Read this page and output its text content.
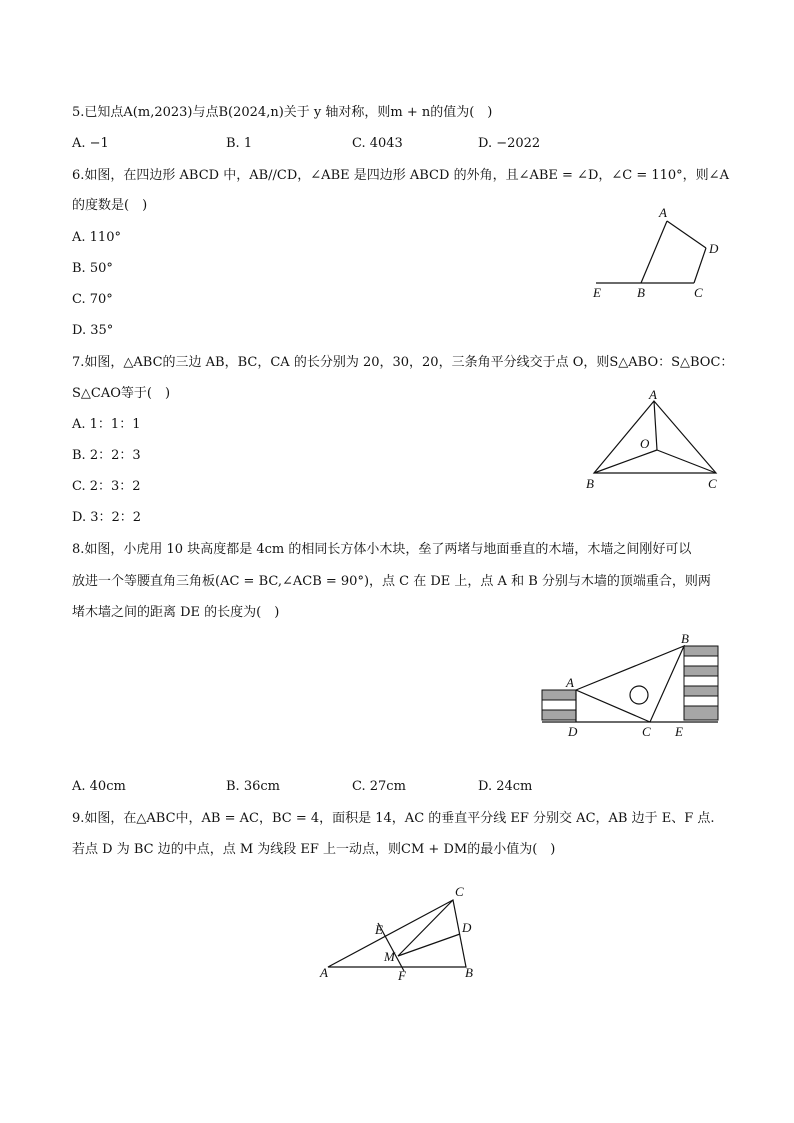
5.已知点A(m,2023)与点B(2024,n)关于 y 轴对称，则m + n的值为(　)
A. −1	B. 1	C. 4043	D. −2022
6.如图，在四边形 ABCD 中，AB//CD，∠ABE 是四边形 ABCD 的外角，且∠ABE = ∠D，∠C = 110°，则∠A
的度数是(　)
A. 110°
B. 50°
C. 70°
D. 35°
A
D
E	B	C
7.如图，△ABC的三边 AB，BC，CA 的长分别为 20，30，20，三条角平分线交于点 O，则S△ABO：S△BOC：
S△CAO等于(　)
A. 1：1：1
B. 2：2：3
C. 2：3：2
D. 3：2：2
A
O
B	C
8.如图，小虎用 10 块高度都是 4cm 的相同长方体小木块，垒了两堵与地面垂直的木墙，木墙之间刚好可以
放进一个等腰直角三角板(AC = BC,∠ACB = 90°)，点 C 在 DE 上，点 A 和 B 分别与木墙的顶端重合，则两
堵木墙之间的距离 DE 的长度为(　)
A
B
D	C E
A. 40cm	B. 36cm	C. 27cm	D. 24cm
9.如图，在△ABC中，AB = AC，BC = 4，面积是 14，AC 的垂直平分线 EF 分别交 AC，AB 边于 E、F 点.
若点 D 为 BC 边的中点，点 M 为线段 EF 上一动点，则CM + DM的最小值为(　)
C
E	D
M
A	F	B
